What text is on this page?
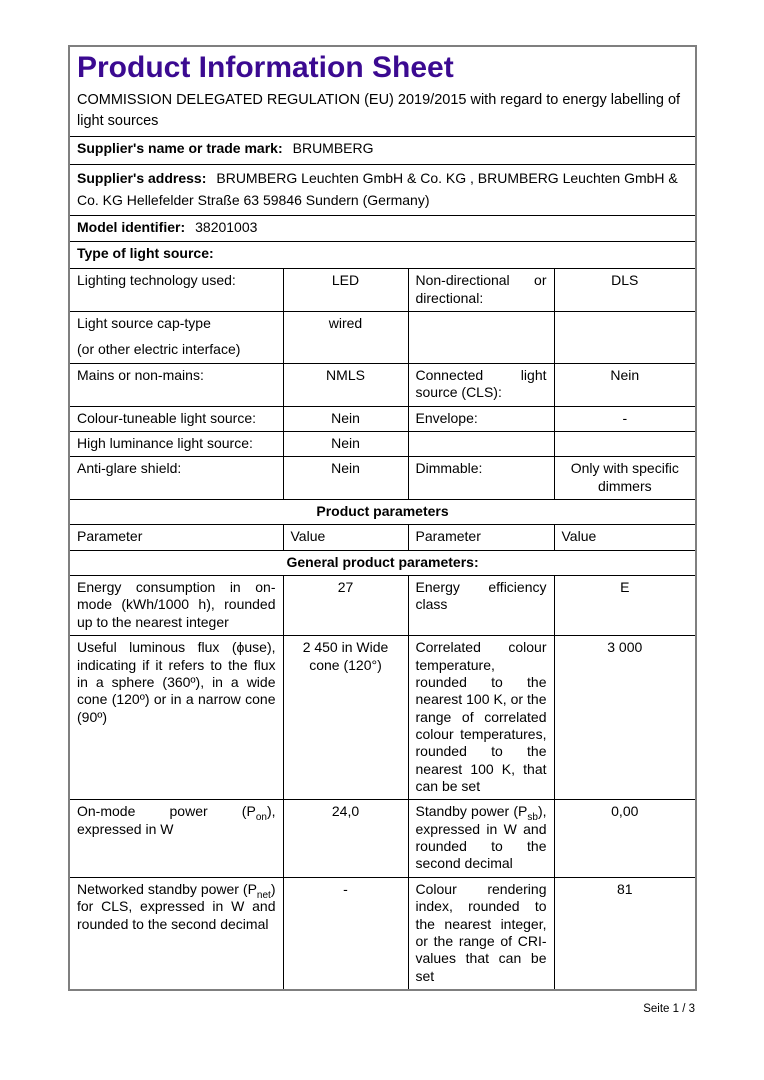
Product Information Sheet
COMMISSION DELEGATED REGULATION (EU) 2019/2015 with regard to energy labelling of light sources			

Supplier's name or trade mark: BRUMBERG			
Supplier's address: BRUMBERG Leuchten GmbH & Co. KG , BRUMBERG Leuchten GmbH & Co. KG Hellefelder Straße 63 59846 Sundern (Germany)			
Model identifier: 38201003			
Type of light source:			

Lighting technology used:	LED	Non-directional or directional:	DLS

Light source cap-type
(or other electric interface)	wired		

Mains or non-mains:	NMLS	Connected light source (CLS):	Nein

Colour-tuneable light source:	Nein	Envelope:	-

High luminance light source:	Nein		

Anti-glare shield:	Nein	Dimmable:	Only with specific dimmers

Product parameters			
Parameter	Value	Parameter	Value
General product parameters:			

Energy consumption in on-mode (kWh/1000 h), rounded up to the nearest integer	27	Energy efficiency class	E

Useful luminous flux (ϕuse), indicating if it refers to the flux in a sphere (360º), in a wide cone (120º) or in a narrow cone (90º)	2 450 in Wide cone (120°)	Correlated colour temperature, rounded to the nearest 100 K, or the range of correlated colour temperatures, rounded to the nearest 100 K, that can be set	3 000

On-mode power $(P_{on})$, expressed in W	24,0	Standby power $(P_{sb})$, expressed in W and rounded to the second decimal	0,00

Networked standby power $(P_{net})$ for CLS, expressed in W and rounded to the second decimal	-	Colour rendering index, rounded to the nearest integer, or the range of CRI-values that can be set	81
Seite 1 / 3
